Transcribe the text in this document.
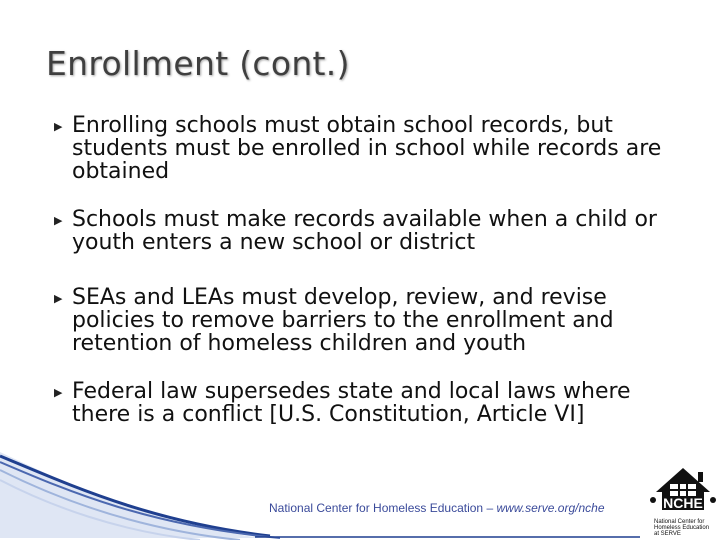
Enrollment (cont.)
▶ Enrolling schools must obtain school records, but students must be enrolled in school while records are obtained
▶ Schools must make records available when a child or youth enters a new school or district
▶ SEAs and LEAs must develop, review, and revise policies to remove barriers to the enrollment and retention of homeless children and youth
▶ Federal law supersedes state and local laws where there is a conflict [U.S. Constitution, Article VI]
National Center for Homeless Education – www.serve.org/nche	NCHE
National Center for Homeless Education at SERVE
